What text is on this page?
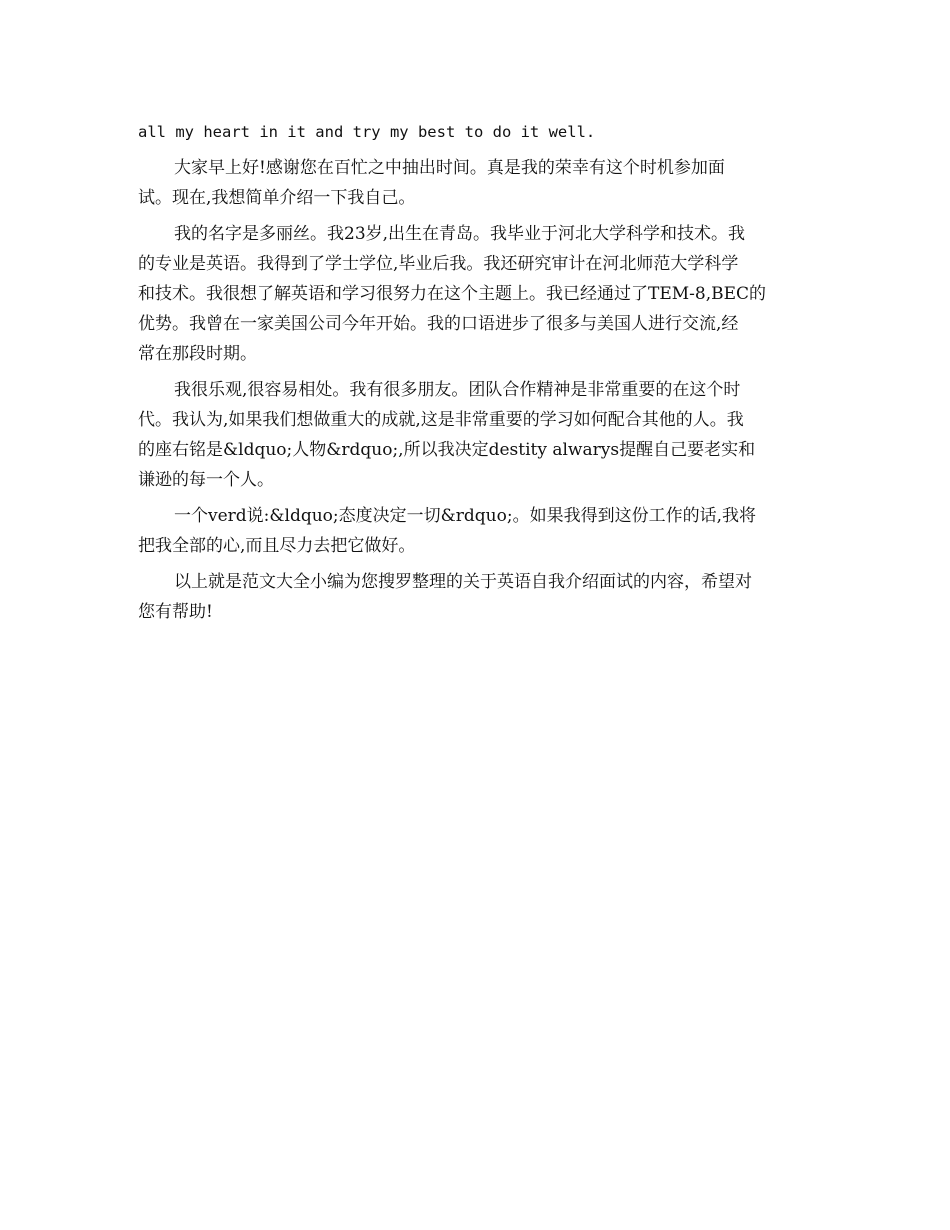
all my heart in it and try my best to do it well.
大家早上好!感谢您在百忙之中抽出时间。真是我的荣幸有这个时机参加面
试。现在,我想简单介绍一下我自己。
我的名字是多丽丝。我23岁,出生在青岛。我毕业于河北大学科学和技术。我
的专业是英语。我得到了学士学位,毕业后我。我还研究审计在河北师范大学科学
和技术。我很想了解英语和学习很努力在这个主题上。我已经通过了TEM-8,BEC的
优势。我曾在一家美国公司今年开始。我的口语进步了很多与美国人进行交流,经
常在那段时期。
我很乐观,很容易相处。我有很多朋友。团队合作精神是非常重要的在这个时
代。我认为,如果我们想做重大的成就,这是非常重要的学习如何配合其他的人。我
的座右铭是&ldquo;人物&rdquo;,所以我决定destity alwarys提醒自己要老实和
谦逊的每一个人。
一个verd说:&ldquo;态度决定一切&rdquo;。如果我得到这份工作的话,我将
把我全部的心,而且尽力去把它做好。
以上就是范文大全小编为您搜罗整理的关于英语自我介绍面试的内容，希望对
您有帮助!
